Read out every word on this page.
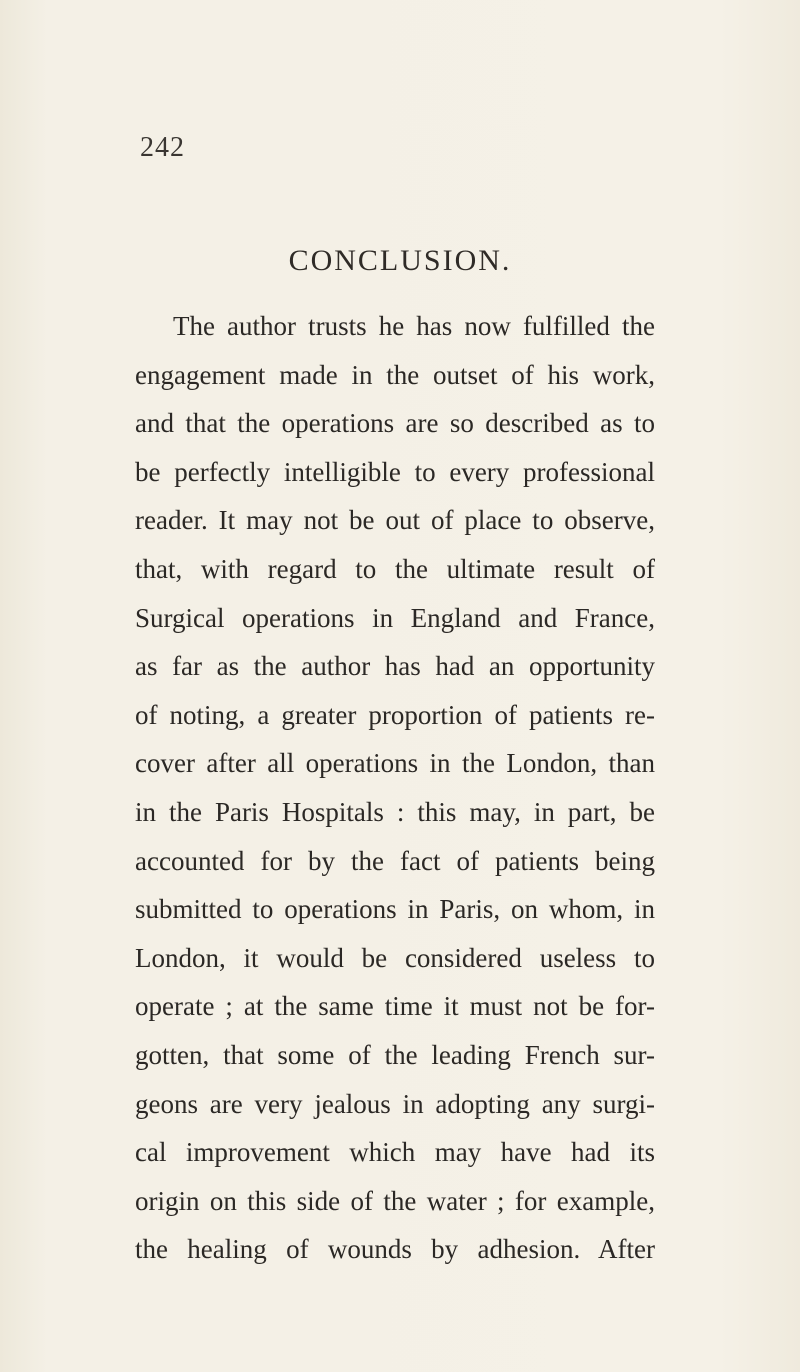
242
CONCLUSION.
The author trusts he has now fulfilled the
engagement made in the outset of his work,
and that the operations are so described as to
be perfectly intelligible to every professional
reader. It may not be out of place to observe,
that, with regard to the ultimate result of
Surgical operations in England and France,
as far as the author has had an opportunity
of noting, a greater proportion of patients re-
cover after all operations in the London, than
in the Paris Hospitals : this may, in part, be
accounted for by the fact of patients being
submitted to operations in Paris, on whom, in
London, it would be considered useless to
operate ; at the same time it must not be for-
gotten, that some of the leading French sur-
geons are very jealous in adopting any surgi-
cal improvement which may have had its
origin on this side of the water ; for example,
the healing of wounds by adhesion. After
